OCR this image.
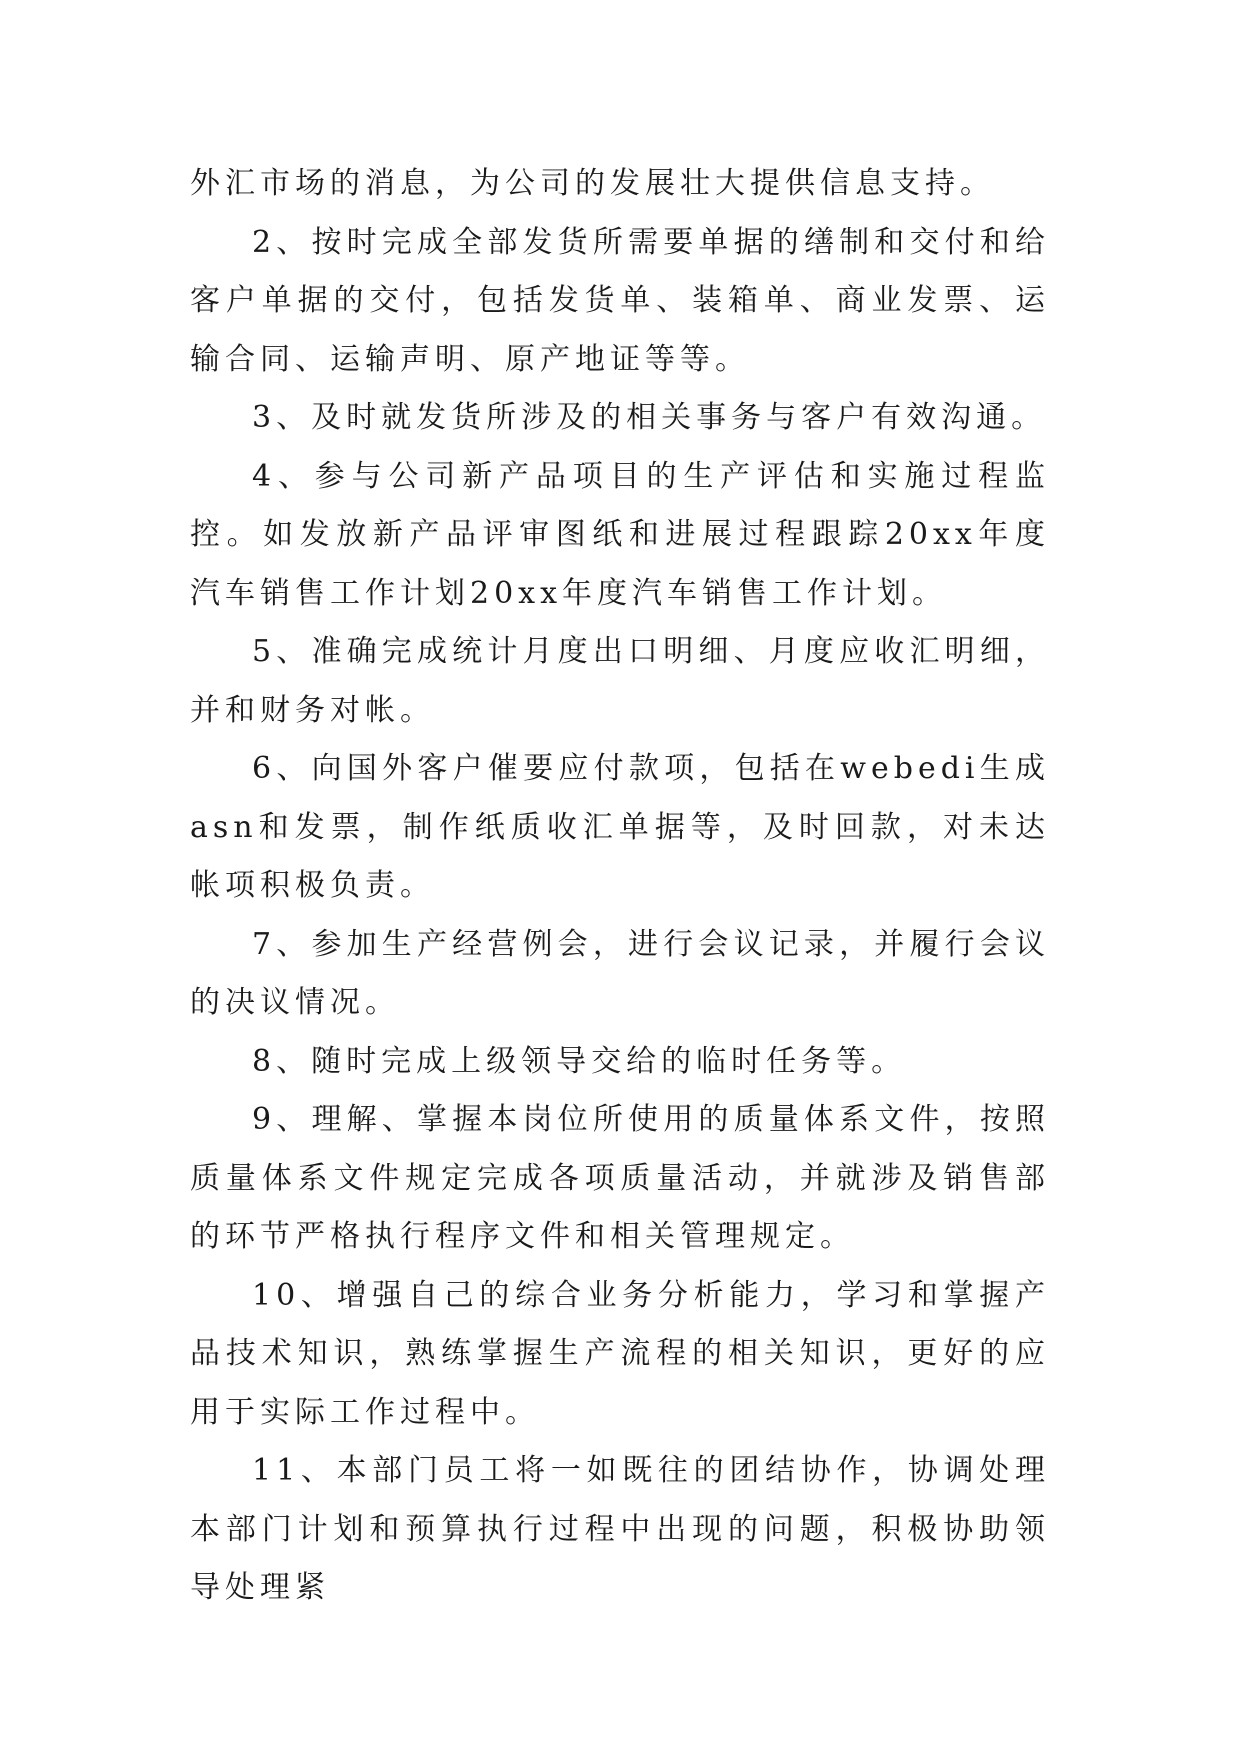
外汇市场的消息，为公司的发展壮大提供信息支持。

2、按时完成全部发货所需要单据的缮制和交付和给客户单据的交付，包括发货单、装箱单、商业发票、运输合同、运输声明、原产地证等等。

3、及时就发货所涉及的相关事务与客户有效沟通。

4、参与公司新产品项目的生产评估和实施过程监控。如发放新产品评审图纸和进展过程跟踪20xx年度汽车销售工作计划20xx年度汽车销售工作计划。

5、准确完成统计月度出口明细、月度应收汇明细，并和财务对帐。

6、向国外客户催要应付款项，包括在webedi生成asn和发票，制作纸质收汇单据等，及时回款，对未达帐项积极负责。

7、参加生产经营例会，进行会议记录，并履行会议的决议情况。

8、随时完成上级领导交给的临时任务等。

9、理解、掌握本岗位所使用的质量体系文件，按照质量体系文件规定完成各项质量活动，并就涉及销售部的环节严格执行程序文件和相关管理规定。

10、增强自己的综合业务分析能力，学习和掌握产品技术知识，熟练掌握生产流程的相关知识，更好的应用于实际工作过程中。

11、本部门员工将一如既往的团结协作，协调处理本部门计划和预算执行过程中出现的问题，积极协助领导处理紧
